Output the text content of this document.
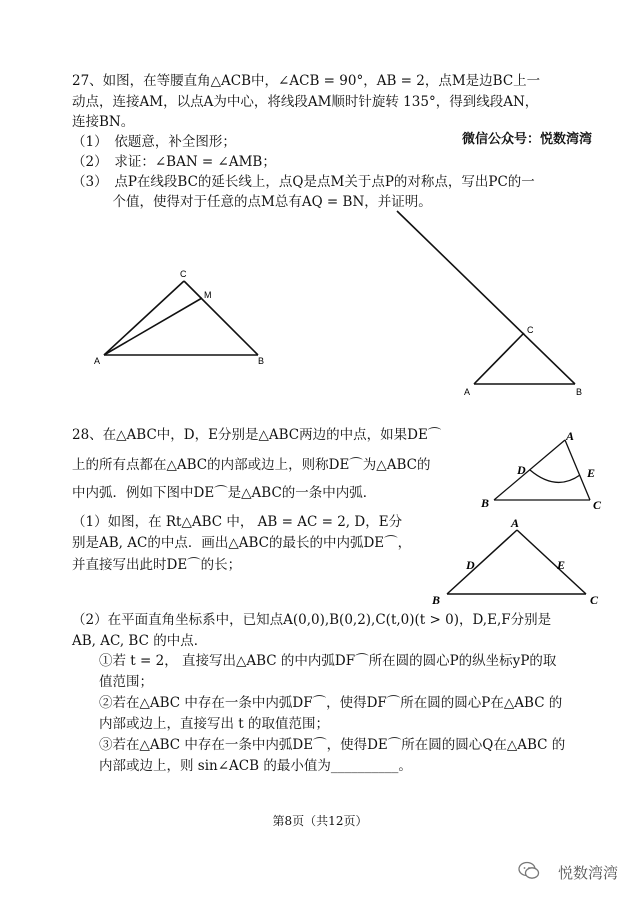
27、如图，在等腰直角△ACB中，∠ACB = 90°，AB = 2，点M是边BC上一
动点，连接AM，以点A为中心，将线段AM顺时针旋转 135°，得到线段AN，
连接BN。
（1）　依题意，补全图形；	微信公众号：悦数湾湾
（2）　求证：∠BAN = ∠AMB；
（3）　点P在线段BC的延长线上，点Q是点M关于点P的对称点，写出PC的一
　　　个值，使得对于任意的点M总有AQ = BN，并证明。
A	B
C
M
A	B
C
A
B	C
D	E
A
B	C
D	E
28、在△ABC中，D，E分别是△ABC两边的中点，如果DE⌒
上的所有点都在△ABC的内部或边上，则称DE⌒为△ABC的
中内弧．例如下图中DE⌒是△ABC的一条中内弧．
（1）如图，在 Rt△ABC 中， AB = AC = 2, D，E分
别是AB, AC的中点．画出△ABC的最长的中内弧DE⌒，
并直接写出此时DE⌒的长；
（2）在平面直角坐标系中，已知点A(0,0),B(0,2),C(t,0)(t > 0)，D,E,F分别是
AB, AC, BC 的中点．
　　①若 t = 2， 直接写出△ABC 的中内弧DF⌒所在圆的圆心P的纵坐标yP的取
　　值范围；
　　②若在△ABC 中存在一条中内弧DF⌒，使得DF⌒所在圆的圆心P在△ABC 的
　　内部或边上，直接写出 t 的取值范围；
　　③若在△ABC 中存在一条中内弧DE⌒，使得DE⌒所在圆的圆心Q在△ABC 的
　　内部或边上，则 sin∠ACB 的最小值为__________。
第8页（共12页）
悦数湾湾
